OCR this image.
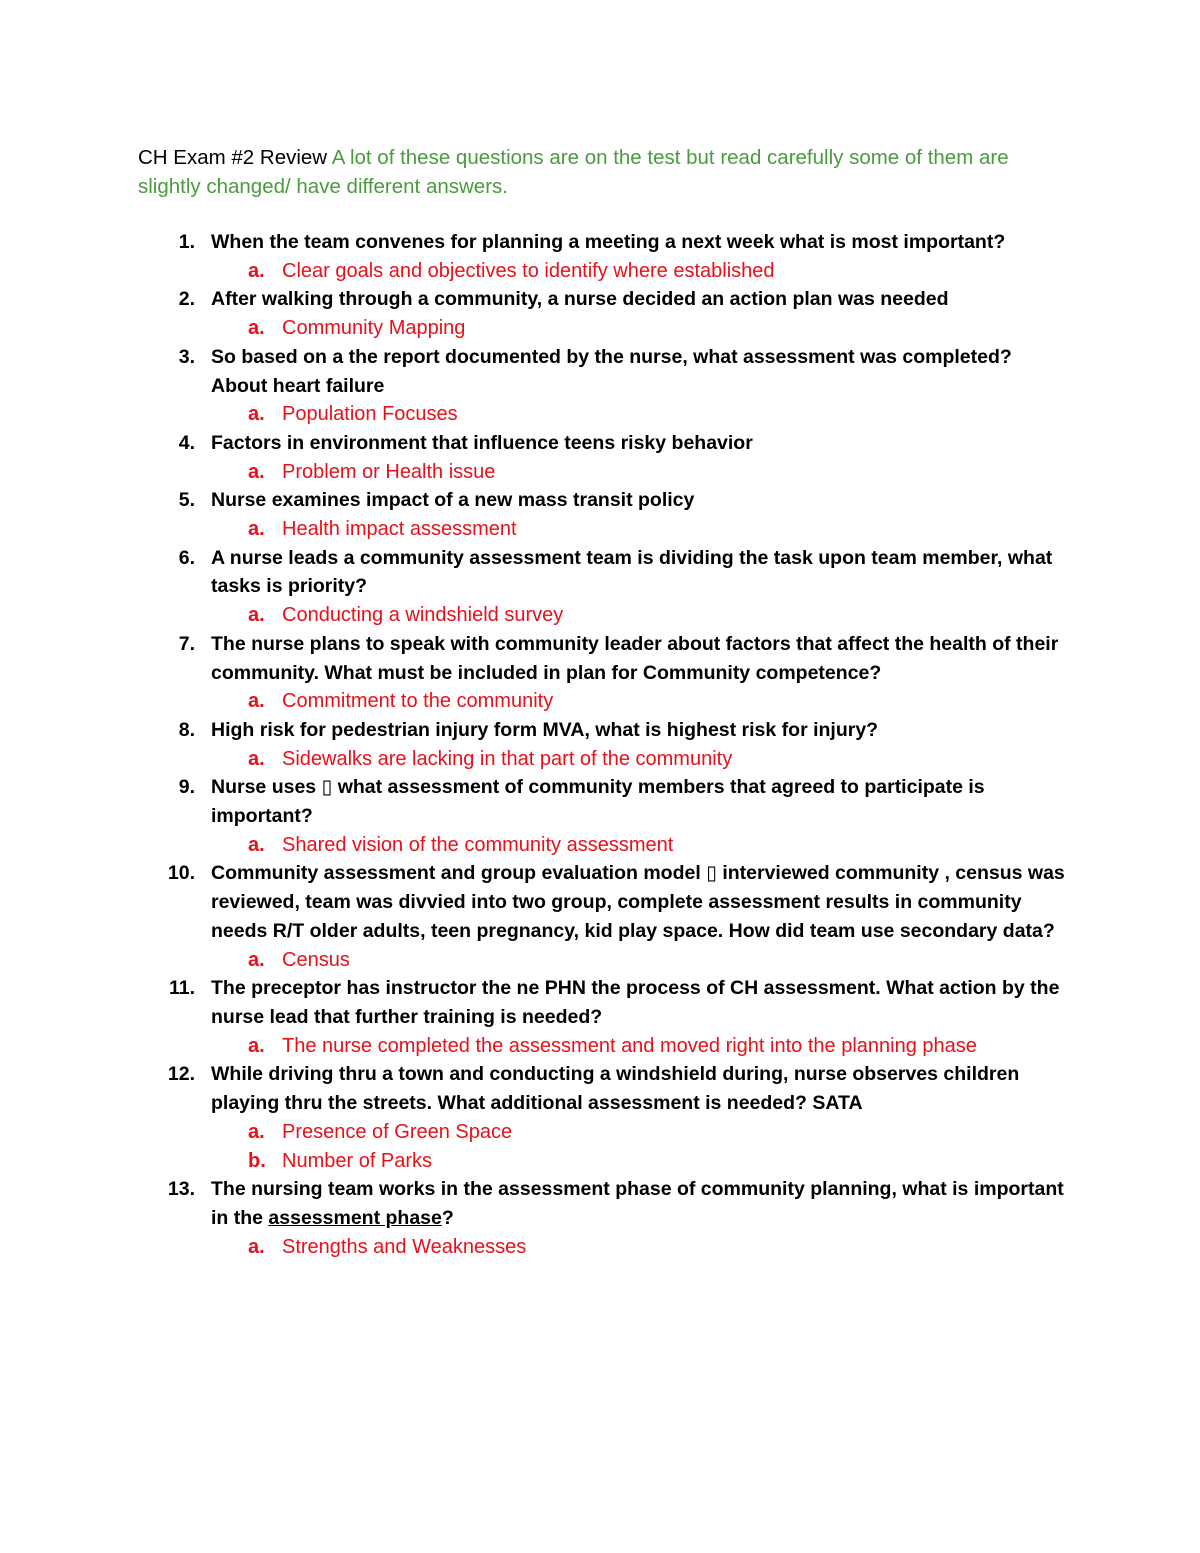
CH Exam #2 Review A lot of these questions are on the test but read carefully some of them are slightly changed/ have different answers.
1. When the team convenes for planning a meeting a next week what is most important?
a. Clear goals and objectives to identify where established
2. After walking through a community, a nurse decided an action plan was needed
a. Community Mapping
3. So based on a the report documented by the nurse, what assessment was completed? About heart failure
a. Population Focuses
4. Factors in environment that influence teens risky behavior
a. Problem or Health issue
5. Nurse examines impact of a new mass transit policy
a. Health impact assessment
6. A nurse leads a community assessment team is dividing the task upon team member, what tasks is priority?
a. Conducting a windshield survey
7. The nurse plans to speak with community leader about factors that affect the health of their community. What must be included in plan for Community competence?
a. Commitment to the community
8. High risk for pedestrian injury form MVA, what is highest risk for injury?
a. Sidewalks are lacking in that part of the community
9. Nurse uses ▯ what assessment of community members that agreed to participate is important?
a. Shared vision of the community assessment
10. Community assessment and group evaluation model ▯ interviewed community , census was reviewed, team was divvied into two group, complete assessment results in community needs R/T older adults, teen pregnancy, kid play space. How did team use secondary data?
a. Census
11. The preceptor has instructor the ne PHN the process of CH assessment. What action by the nurse lead that further training is needed?
a. The nurse completed the assessment and moved right into the planning phase
12. While driving thru a town and conducting a windshield during, nurse observes children playing thru the streets. What additional assessment is needed? SATA
a. Presence of Green Space
b. Number of Parks
13. The nursing team works in the assessment phase of community planning, what is important in the assessment phase?
a. Strengths and Weaknesses
